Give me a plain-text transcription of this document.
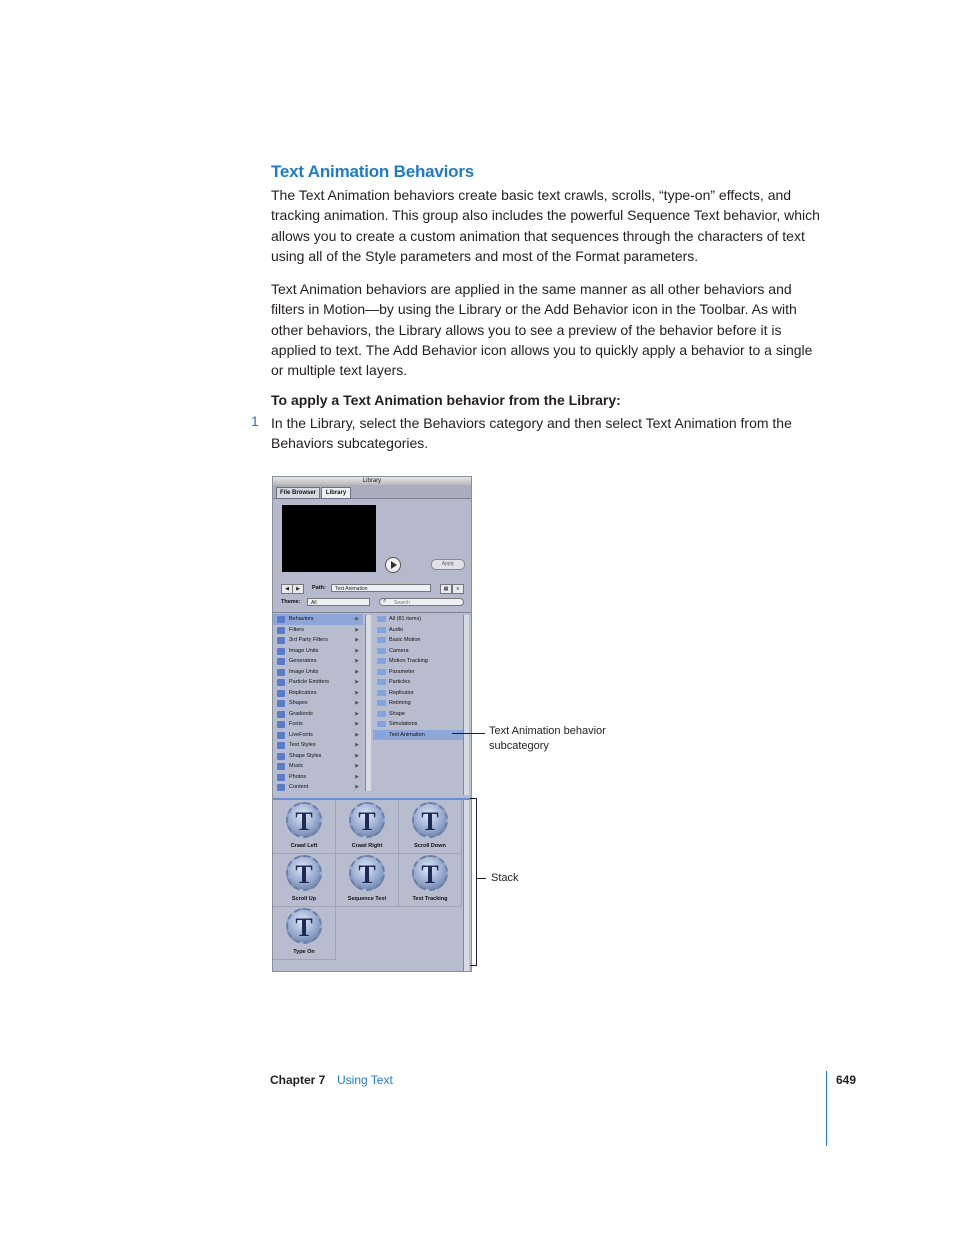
Text Animation Behaviors
The Text Animation behaviors create basic text crawls, scrolls, “type-on” effects, and tracking animation. This group also includes the powerful Sequence Text behavior, which allows you to create a custom animation that sequences through the characters of text using all of the Style parameters and most of the Format parameters.
Text Animation behaviors are applied in the same manner as all other behaviors and filters in Motion—by using the Library or the Add Behavior icon in the Toolbar. As with other behaviors, the Library allows you to see a preview of the behavior before it is applied to text. The Add Behavior icon allows you to quickly apply a behavior to a single or multiple text layers.
To apply a Text Animation behavior from the Library:
1 In the Library, select the Behaviors category and then select Text Animation from the Behaviors subcategories.
Library
File Browser	Library
Apply
◀	▶	Path:	Text Animation	▦	≡
Theme:	All	Search
⌕
Behaviors	▶
Filters	▶
3rd Party Filters	▶
Image Units	▶
Generators	▶
Image Units	▶
Particle Emitters	▶
Replicators	▶
Shapes	▶
Gradients	▶
Fonts	▶
LiveFonts	▶
Text Styles	▶
Shape Styles	▶
Music	▶
Photos	▶
Content	▶
All (81 items)
Audio
Basic Motion
Camera
Motion Tracking
Parameter
Particles
Replicator
Retiming
Shape
Simulations
Text Animation
T
Crawl Left
T
Crawl Right
T
Scroll Down
T
Scroll Up
T
Sequence Text
T
Text Tracking
T
Type On
Text Animation behavior subcategory
Stack
Chapter 7 Using Text	649
